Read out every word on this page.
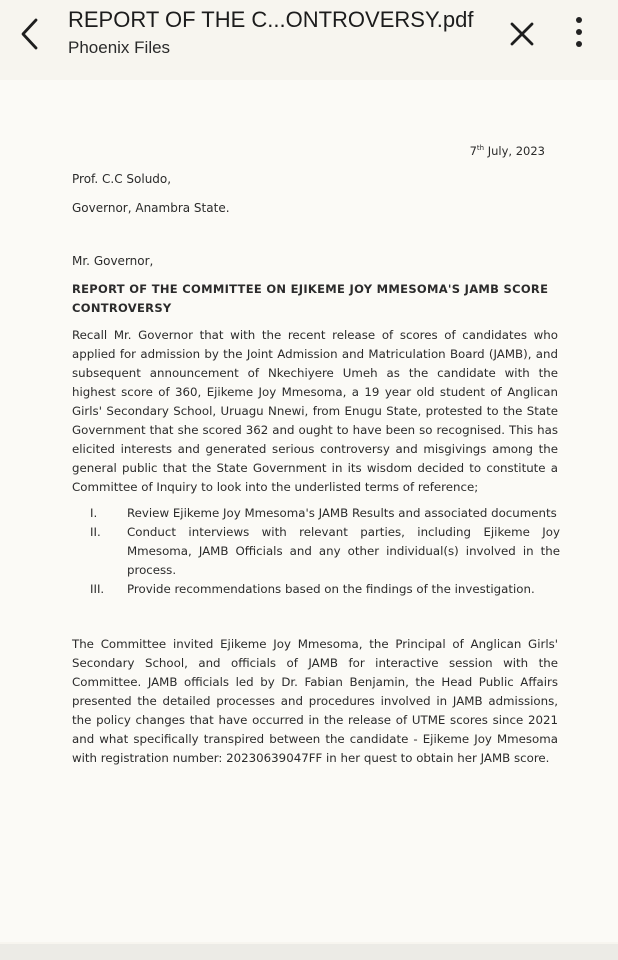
REPORT OF THE C...ONTROVERSY.pdf
Phoenix Files
7th July, 2023
Prof. C.C Soludo,
Governor, Anambra State.
Mr. Governor,
REPORT OF THE COMMITTEE ON EJIKEME JOY MMESOMA'S JAMB SCORE CONTROVERSY
Recall Mr. Governor that with the recent release of scores of candidates who applied for admission by the Joint Admission and Matriculation Board (JAMB), and subsequent announcement of Nkechiyere Umeh as the candidate with the highest score of 360, Ejikeme Joy Mmesoma, a 19 year old student of Anglican Girls' Secondary School, Uruagu Nnewi, from Enugu State, protested to the State Government that she scored 362 and ought to have been so recognised. This has elicited interests and generated serious controversy and misgivings among the general public that the State Government in its wisdom decided to constitute a Committee of Inquiry to look into the underlisted terms of reference;
I.	Review Ejikeme Joy Mmesoma's JAMB Results and associated documents
II.	Conduct interviews with relevant parties, including Ejikeme Joy Mmesoma, JAMB Officials and any other individual(s) involved in the process.
III.	Provide recommendations based on the findings of the investigation.
The Committee invited Ejikeme Joy Mmesoma, the Principal of Anglican Girls' Secondary School, and officials of JAMB for interactive session with the Committee. JAMB officials led by Dr. Fabian Benjamin, the Head Public Affairs presented the detailed processes and procedures involved in JAMB admissions, the policy changes that have occurred in the release of UTME scores since 2021 and what specifically transpired between the candidate - Ejikeme Joy Mmesoma with registration number: 20230639047FF in her quest to obtain her JAMB score.
